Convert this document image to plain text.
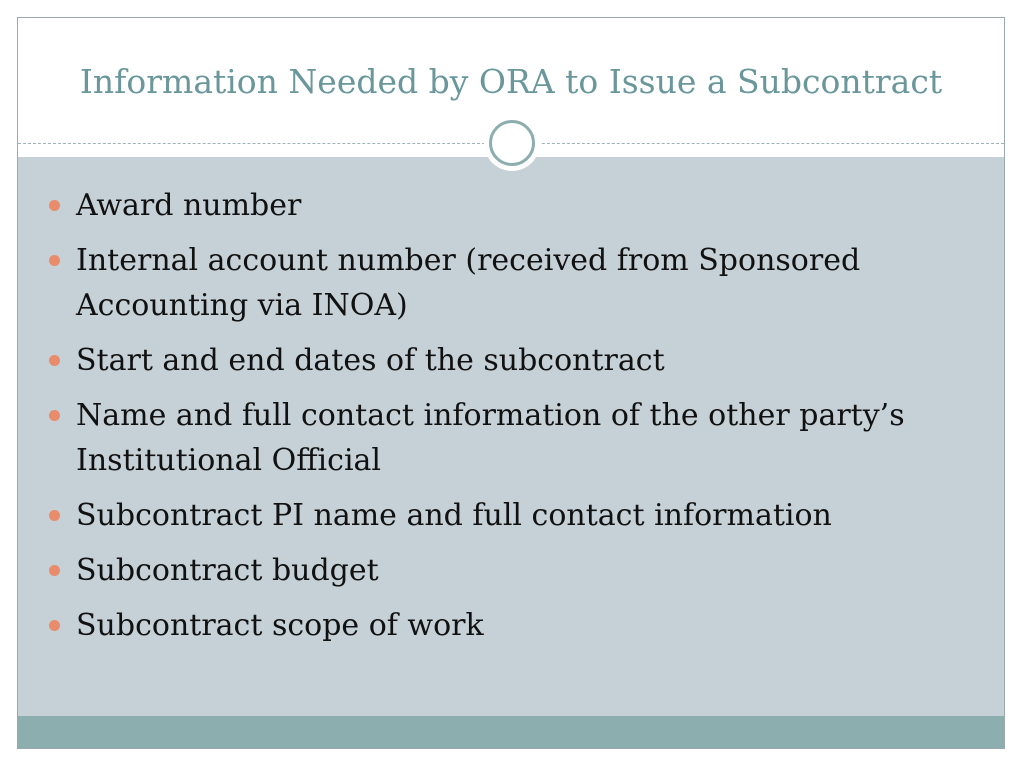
Information Needed by ORA to Issue a Subcontract
Award number
Internal account number (received from Sponsored Accounting via INOA)
Start and end dates of the subcontract
Name and full contact information of the other party’s Institutional Official
Subcontract PI name and full contact information
Subcontract budget
Subcontract scope of work
